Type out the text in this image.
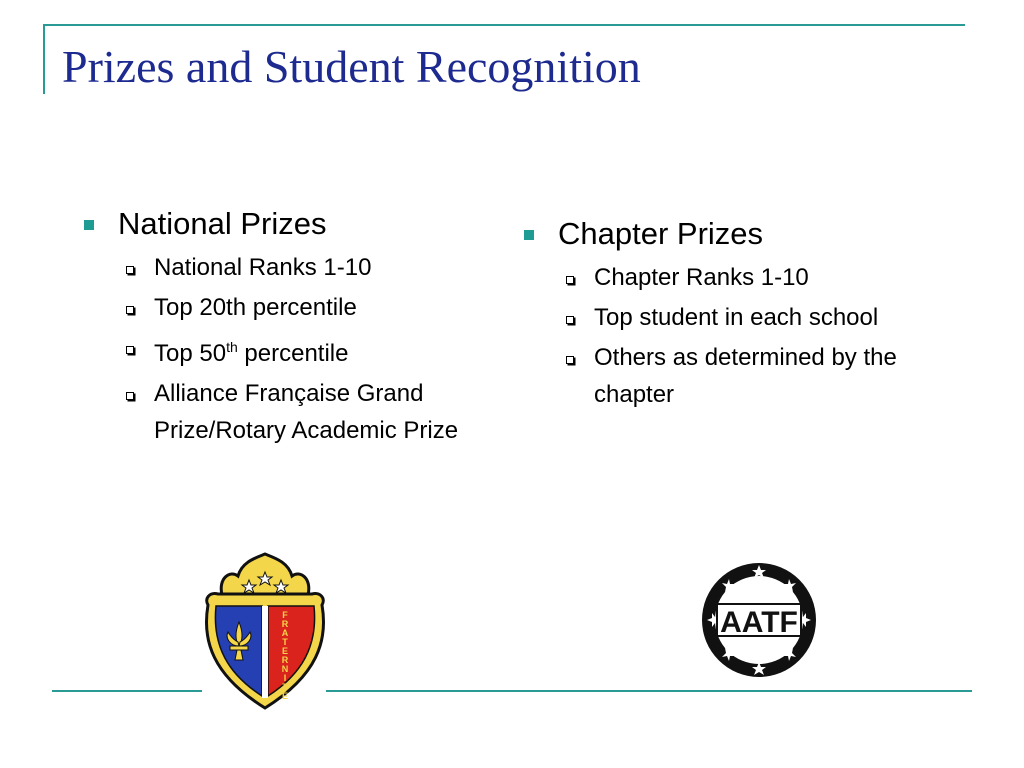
Prizes and Student Recognition
National Prizes
National Ranks 1-10
Top 20th percentile
Top 50th percentile
Alliance Française Grand Prize/Rotary Academic Prize
Chapter Prizes
Chapter Ranks 1-10
Top student in each school
Others as determined by the chapter
F R A T E R N I T É
AATF
